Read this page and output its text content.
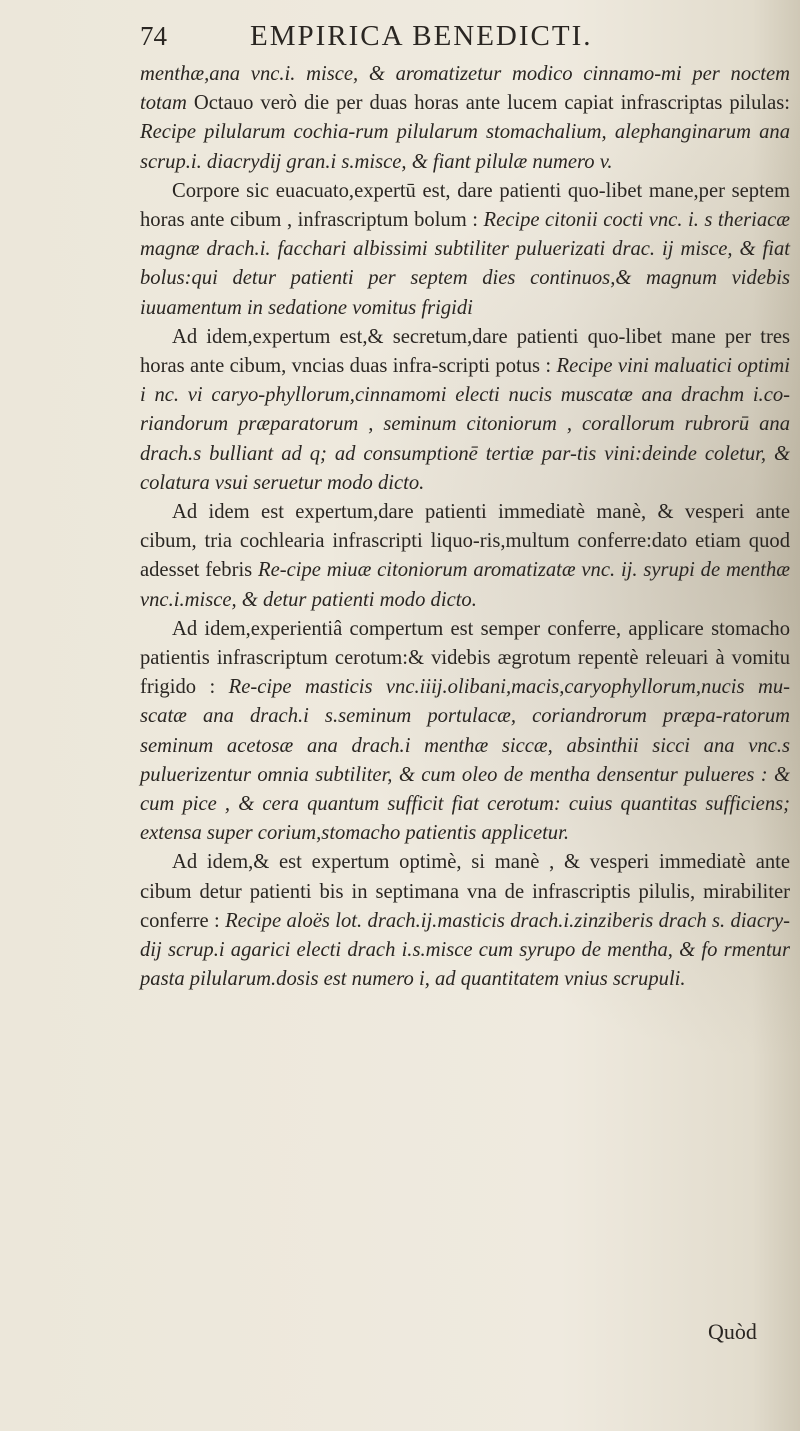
74	EMPIRICA BENEDICTI.

menthæ,ana vnc.i. misce, & aromatizetur modico cinnamo-mi per noctem totam Octauo verò die per duas horas ante lucem capiat infrascriptas pilulas: Recipe pilularum cochia-rum pilularum stomachalium, alephanginarum ana scrup.i. diacrydij gran.i s.misce, & fiant pilulæ numero v.

Corpore sic euacuato,expertū est, dare patienti quo-libet mane,per septem horas ante cibum , infrascriptum bolum : Recipe citonii cocti vnc. i. s theriacæ magnæ drach.i. facchari albissimi subtiliter puluerizati drac. ij misce, & fiat bolus:qui detur patienti per septem dies continuos,& magnum videbis iuuamentum in sedatione vomitus frigidi

Ad idem,expertum est,& secretum,dare patienti quo-libet mane per tres horas ante cibum, vncias duas infra-scripti potus : Recipe vini maluatici optimi i nc. vi caryo-phyllorum,cinnamomi electi nucis muscatæ ana drachm i.co-riandorum præparatorum , seminum citoniorum , corallorum rubrorū ana drach.s bulliant ad q; ad consumptionē tertiæ par-tis vini:deinde coletur, & colatura vsui seruetur modo dicto.

Ad idem est expertum,dare patienti immediatè manè, & vesperi ante cibum, tria cochlearia infrascripti liquo-ris,multum conferre:dato etiam quod adesset febris Re-cipe miuæ citoniorum aromatizatæ vnc. ij. syrupi de menthæ vnc.i.misce, & detur patienti modo dicto.

Ad idem,experientiâ compertum est semper conferre, applicare stomacho patientis infrascriptum cerotum:& videbis ægrotum repentè releuari à vomitu frigido : Re-cipe masticis vnc.iiij.olibani,macis,caryophyllorum,nucis mu-scatæ ana drach.i s.seminum portulacæ, coriandrorum præpa-ratorum seminum acetosæ ana drach.i menthæ siccæ, absinthii sicci ana vnc.s puluerizentur omnia subtiliter, & cum oleo de mentha densentur pulueres : & cum pice , & cera quantum sufficit fiat cerotum: cuius quantitas sufficiens; extensa super corium,stomacho patientis applicetur.

Ad idem,& est expertum optimè, si manè , & vesperi immediatè ante cibum detur patienti bis in septimana vna de infrascriptis pilulis, mirabiliter conferre : Recipe aloës lot. drach.ij.masticis drach.i.zinziberis drach s. diacry-dij scrup.i agarici electi drach i.s.misce cum syrupo de mentha, & fo rmentur pasta pilularum.dosis est numero i, ad quantitatem vnius scrupuli.

Quòd
